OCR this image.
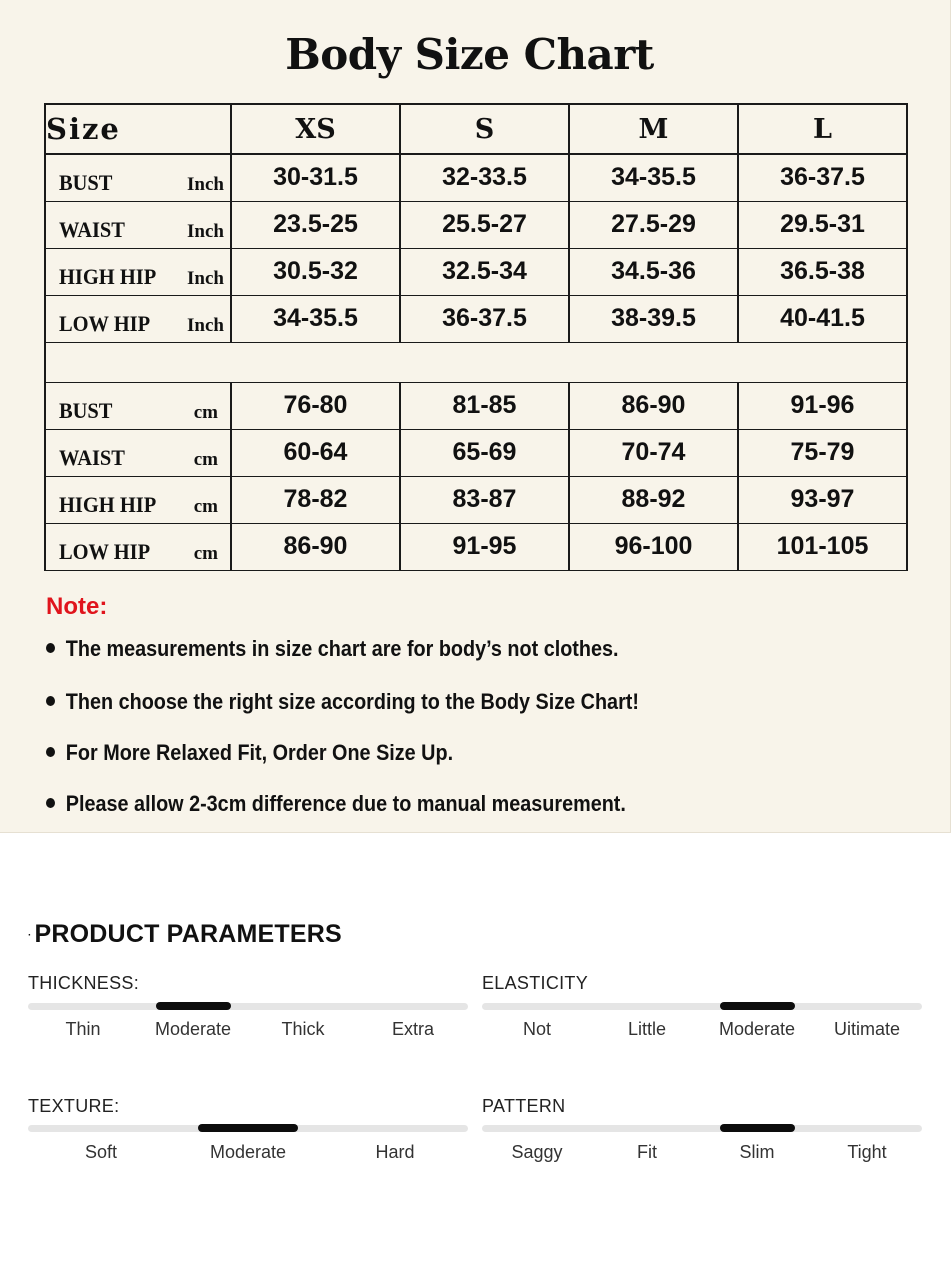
Body Size Chart
Size	XS	S	M	L

BUST Inch	30-31.5	32-33.5	34-35.5	36-37.5

WAIST Inch	23.5-25	25.5-27	27.5-29	29.5-31

HIGH HIP Inch	30.5-32	32.5-34	34.5-36	36.5-38

LOW HIP Inch	34-35.5	36-37.5	38-39.5	40-41.5

BUST cm	76-80	81-85	86-90	91-96

WAIST cm	60-64	65-69	70-74	75-79

HIGH HIP cm	78-82	83-87	88-92	93-97

LOW HIP cm	86-90	91-95	96-100	101-105

Note:

The measurements in size chart are for body’s not clothes.
Then choose the right size according to the Body Size Chart!
For More Relaxed Fit, Order One Size Up.
Please allow 2-3cm difference due to manual measurement.
· PRODUCT PARAMETERS
THICKNESS:
Thin	Moderate	Thick	Extra
ELASTICITY
Not	Little	Moderate Uitimate
TEXTURE:
Soft	Moderate	Hard
PATTERN
Saggy	Fit	Slim	Tight
